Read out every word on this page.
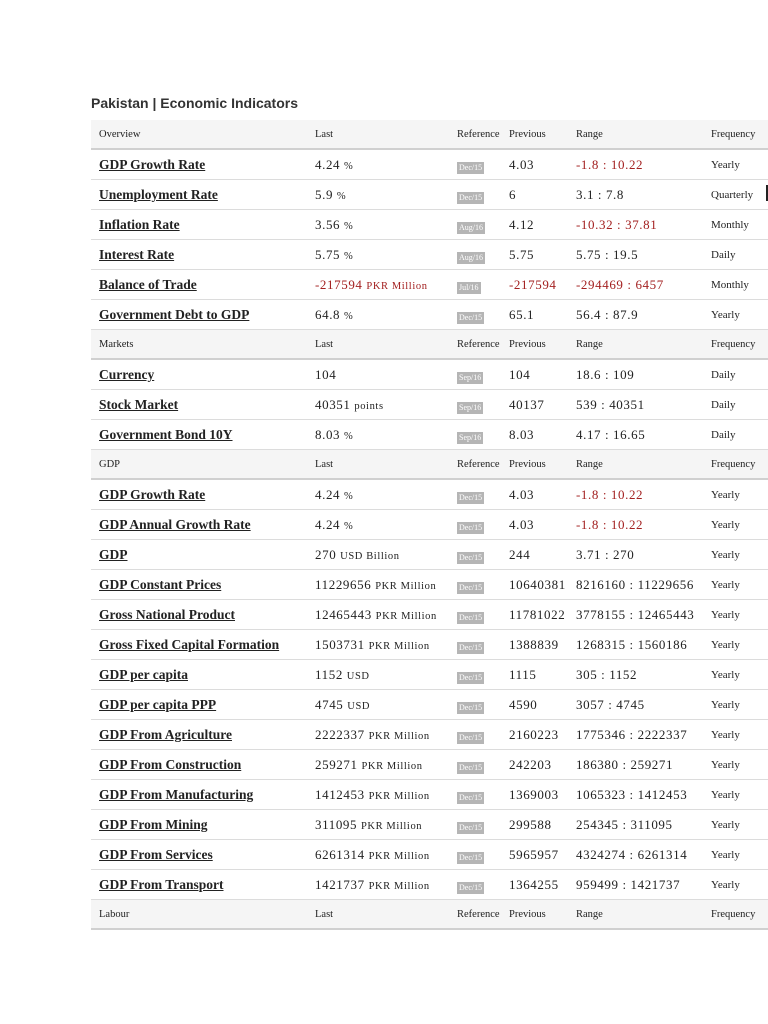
Pakistan | Economic Indicators
Overview	Last	Reference Previous	Range	Frequency
GDP Growth Rate	4.24 %	Dec/15 4.03	-1.8 : 10.22	Yearly
Unemployment Rate	5.9 %	Dec/15 6	3.1 : 7.8	Quarterly
Inflation Rate	3.56 %	Aug/16 4.12	-10.32 : 37.81	Monthly
Interest Rate	5.75 %	Aug/16 5.75	5.75 : 19.5	Daily
Balance of Trade	-217594 PKR Million	Jul/16 -217594 -294469 : 6457	Monthly
Government Debt to GDP	64.8 %	Dec/15 65.1	56.4 : 87.9	Yearly
Markets	Last	Reference Previous	Range	Frequency
Currency	104	Sep/16 104	18.6 : 109	Daily
Stock Market	40351 points	Sep/16 40137 539 : 40351	Daily
Government Bond 10Y	8.03 %	Sep/16 8.03	4.17 : 16.65	Daily
GDP	Last	Reference Previous	Range	Frequency
GDP Growth Rate	4.24 %	Dec/15 4.03	-1.8 : 10.22	Yearly
GDP Annual Growth Rate	4.24 %	Dec/15 4.03	-1.8 : 10.22	Yearly
GDP	270 USD Billion	Dec/15 244	3.71 : 270	Yearly
GDP Constant Prices	11229656 PKR Million	Dec/15 10640381 8216160 : 11229656 Yearly
Gross National Product	12465443 PKR Million	Dec/15 11781022 3778155 : 12465443 Yearly
Gross Fixed Capital Formation	1503731 PKR Million	Dec/15 1388839 1268315 : 1560186 Yearly
GDP per capita	1152 USD	Dec/15 1115	305 : 1152	Yearly
GDP per capita PPP	4745 USD	Dec/15 4590	3057 : 4745	Yearly
GDP From Agriculture	2222337 PKR Million	Dec/15 2160223 1775346 : 2222337 Yearly
GDP From Construction	259271 PKR Million	Dec/15 242203 186380 : 259271	Yearly
GDP From Manufacturing	1412453 PKR Million	Dec/15 1369003 1065323 : 1412453 Yearly
GDP From Mining	311095 PKR Million	Dec/15 299588 254345 : 311095	Yearly
GDP From Services	6261314 PKR Million	Dec/15 5965957 4324274 : 6261314 Yearly
GDP From Transport	1421737 PKR Million	Dec/15 1364255 959499 : 1421737	Yearly
Labour	Last	Reference Previous	Range	Frequency
